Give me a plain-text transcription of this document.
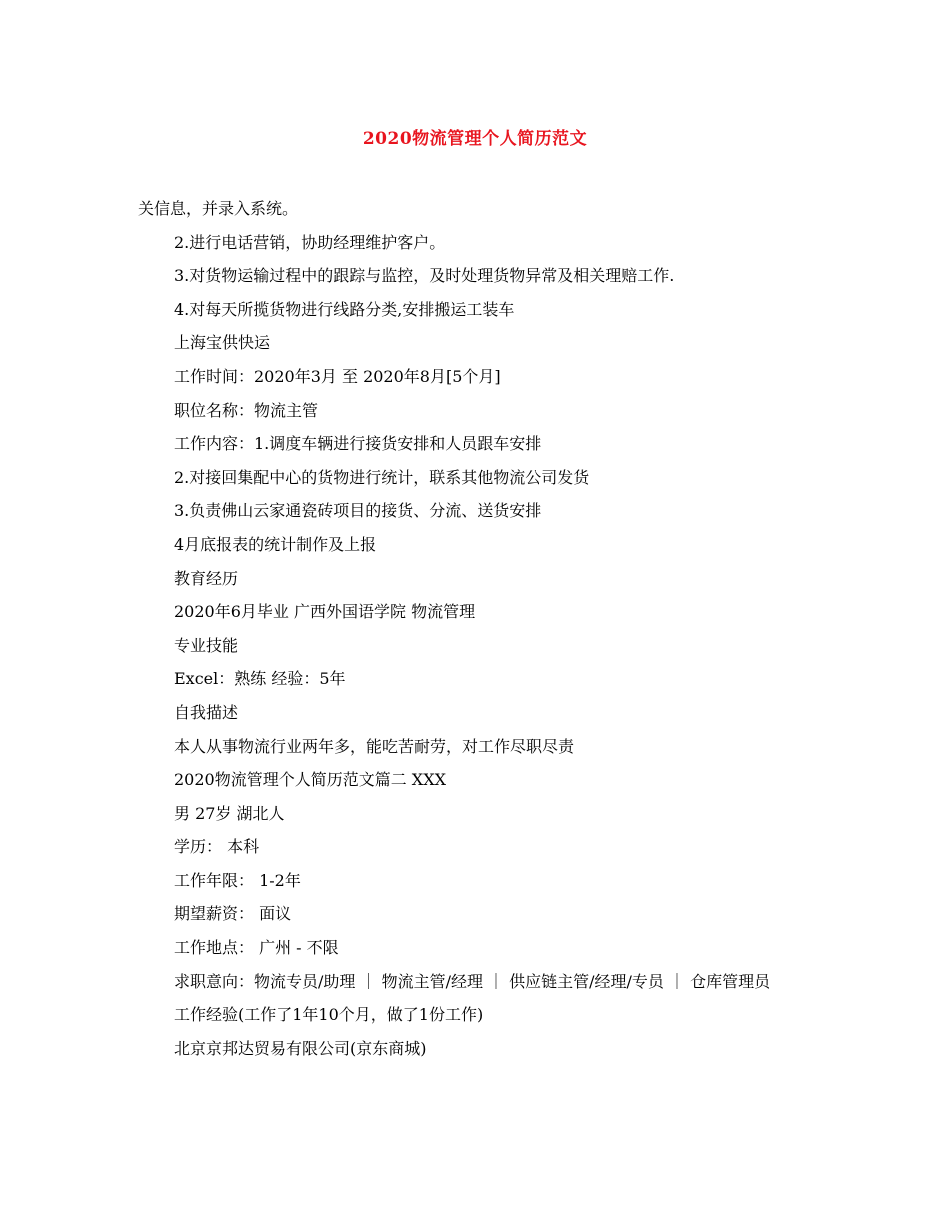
2020物流管理个人简历范文

关信息，并录入系统。

2.进行电话营销，协助经理维护客户。

3.对货物运输过程中的跟踪与监控，及时处理货物异常及相关理赔工作.

4.对每天所揽货物进行线路分类,安排搬运工装车

上海宝供快运

工作时间：2020年3月 至 2020年8月[5个月]

职位名称：物流主管

工作内容：1.调度车辆进行接货安排和人员跟车安排

2.对接回集配中心的货物进行统计，联系其他物流公司发货

3.负责佛山云家通瓷砖项目的接货、分流、送货安排

4月底报表的统计制作及上报

教育经历

2020年6月毕业 广西外国语学院 物流管理

专业技能

Excel：熟练 经验：5年

自我描述

本人从事物流行业两年多，能吃苦耐劳，对工作尽职尽责

2020物流管理个人简历范文篇二 XXX

男 27岁 湖北人

学历： 本科

工作年限： 1-2年

期望薪资： 面议

工作地点： 广州 - 不限

求职意向：物流专员/助理 ｜ 物流主管/经理 ｜ 供应链主管/经理/专员 ｜ 仓库管理员

工作经验(工作了1年10个月，做了1份工作)

北京京邦达贸易有限公司(京东商城)
